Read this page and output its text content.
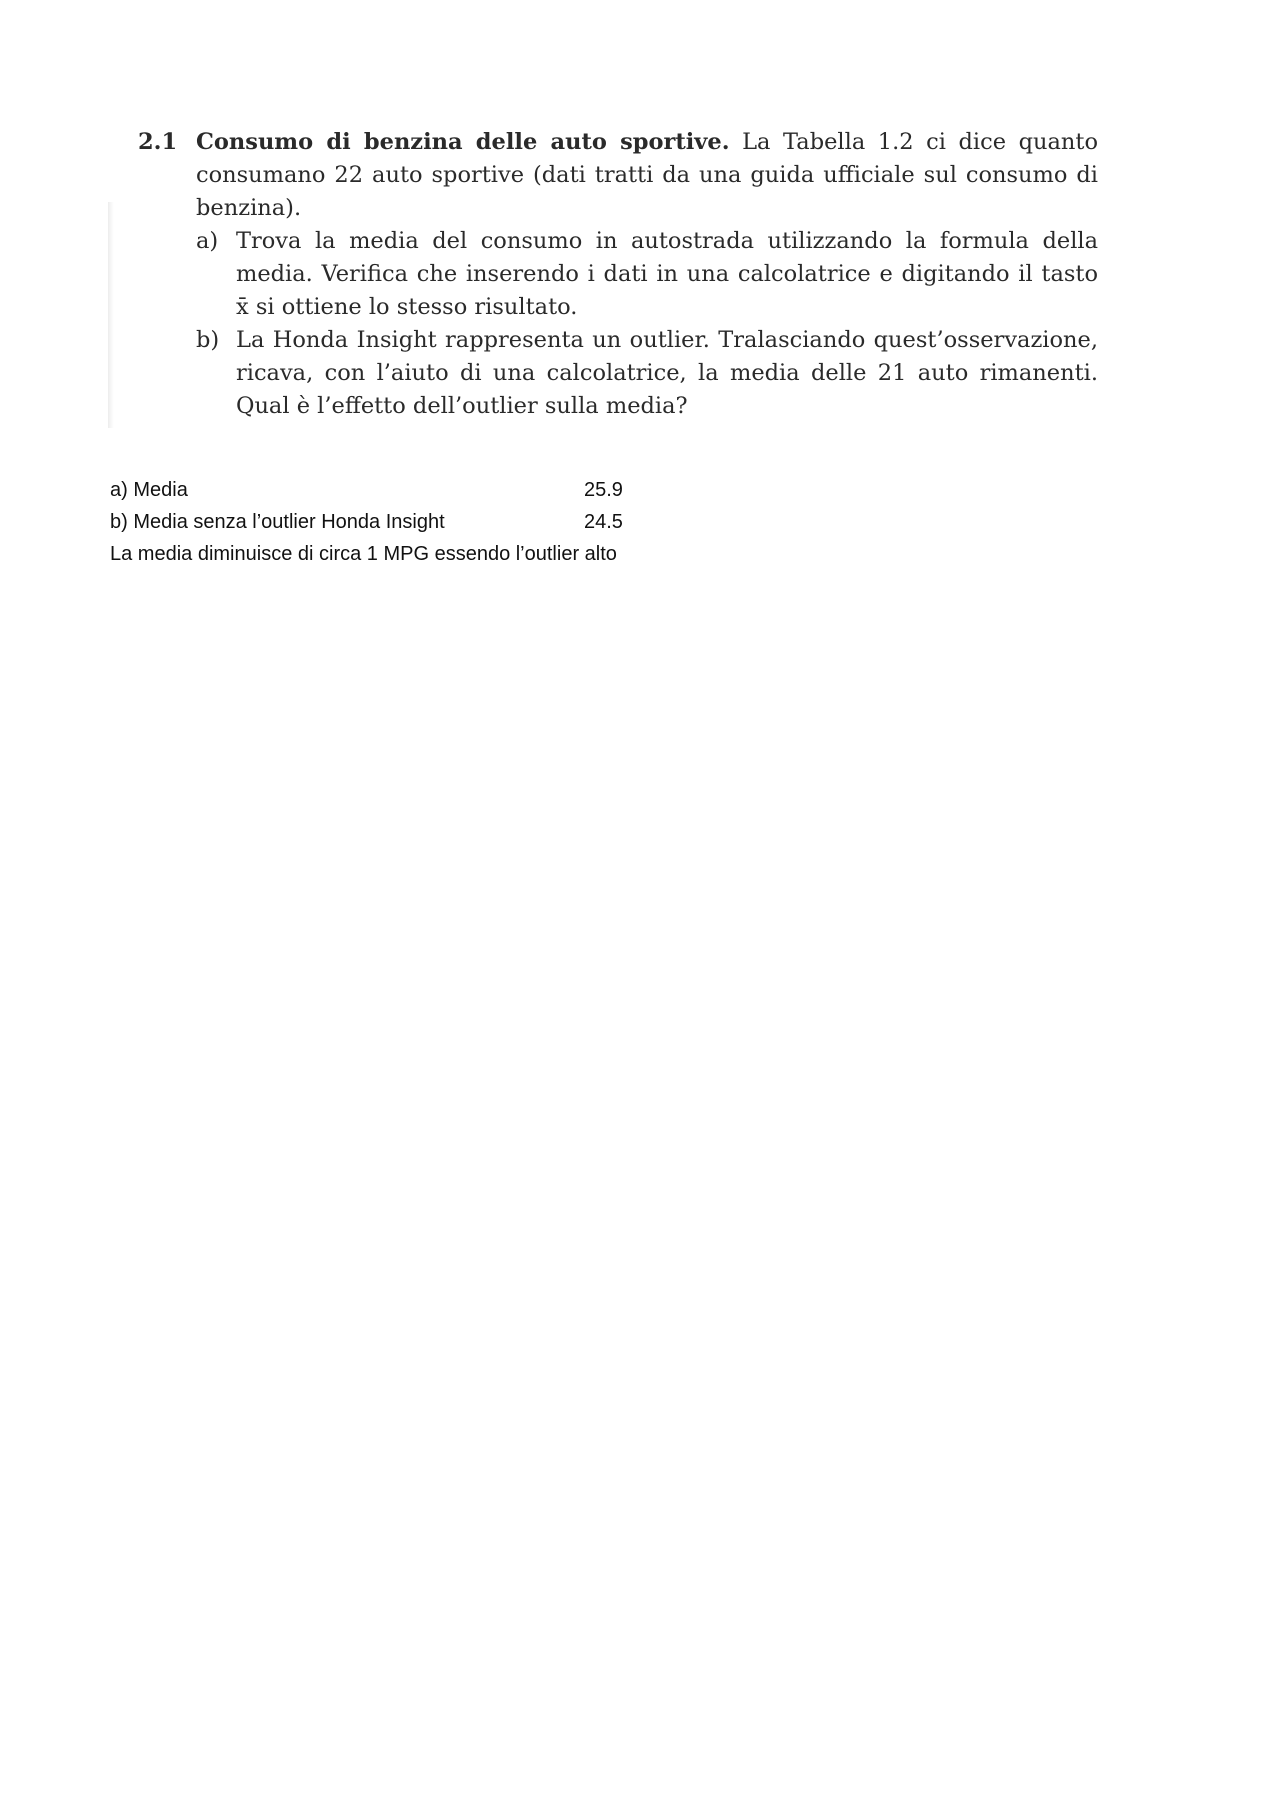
2.1 Consumo di benzina delle auto sportive. La Tabella 1.2 ci dice quanto consumano 22 auto sportive (dati tratti da una guida ufficiale sul consumo di benzina).
a) Trova la media del consumo in autostrada utilizzando la formula della media. Verifica che inserendo i dati in una calcolatrice e digitando il tasto x̄ si ottiene lo stesso risultato.
b) La Honda Insight rappresenta un outlier. Tralasciando quest’osservazione, ricava, con l’aiuto di una calcolatrice, la media delle 21 auto rimanenti. Qual è l’effetto dell’outlier sulla media?
a) Media	25.9
b) Media senza l’outlier Honda Insight	24.5
La media diminuisce di circa 1 MPG essendo l’outlier alto
